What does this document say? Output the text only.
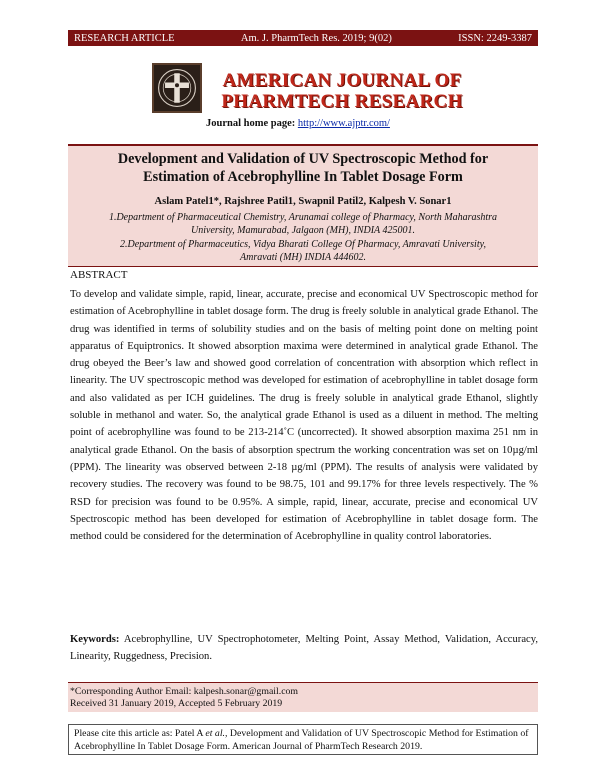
RESEARCH ARTICLE	Am. J. PharmTech Res. 2019; 9(02)	ISSN: 2249-3387
AMERICAN JOURNAL OF
PHARMTECH RESEARCH
Journal home page: http://www.ajptr.com/
Development and Validation of UV Spectroscopic Method for
Estimation of Acebrophylline In Tablet Dosage Form
Aslam Patel1*, Rajshree Patil1, Swapnil Patil2, Kalpesh V. Sonar1
1.Department of Pharmaceutical Chemistry, Arunamai college of Pharmacy, North Maharashtra
University, Mamurabad, Jalgaon (MH), INDIA 425001.
2.Department of Pharmaceutics, Vidya Bharati College Of Pharmacy, Amravati University,
Amravati (MH) INDIA 444602.
ABSTRACT
To develop and validate simple, rapid, linear, accurate, precise and economical UV Spectroscopic method for estimation of Acebrophylline in tablet dosage form. The drug is freely soluble in analytical grade Ethanol. The drug was identified in terms of solubility studies and on the basis of melting point done on melting point apparatus of Equiptronics. It showed absorption maxima were determined in analytical grade Ethanol. The drug obeyed the Beer’s law and showed good correlation of concentration with absorption which reflect in linearity. The UV spectroscopic method was developed for estimation of acebrophylline in tablet dosage form and also validated as per ICH guidelines. The drug is freely soluble in analytical grade Ethanol, slightly soluble in methanol and water. So, the analytical grade Ethanol is used as a diluent in method. The melting point of acebrophylline was found to be 213-214˚C (uncorrected). It showed absorption maxima 251 nm in analytical grade Ethanol. On the basis of absorption spectrum the working concentration was set on 10µg/ml (PPM). The linearity was observed between 2-18 µg/ml (PPM). The results of analysis were validated by recovery studies. The recovery was found to be 98.75, 101 and 99.17% for three levels respectively. The % RSD for precision was found to be 0.95%. A simple, rapid, linear, accurate, precise and economical UV Spectroscopic method has been developed for estimation of Acebrophylline in tablet dosage form. The method could be considered for the determination of Acebrophylline in quality control laboratories.
Keywords: Acebrophylline, UV Spectrophotometer, Melting Point, Assay Method, Validation, Accuracy, Linearity, Ruggedness, Precision.
*Corresponding Author Email: kalpesh.sonar@gmail.com
Received 31 January 2019, Accepted 5 February 2019
Please cite this article as: Patel A et al., Development and Validation of UV Spectroscopic Method for Estimation of Acebrophylline In Tablet Dosage Form. American Journal of PharmTech Research 2019.
